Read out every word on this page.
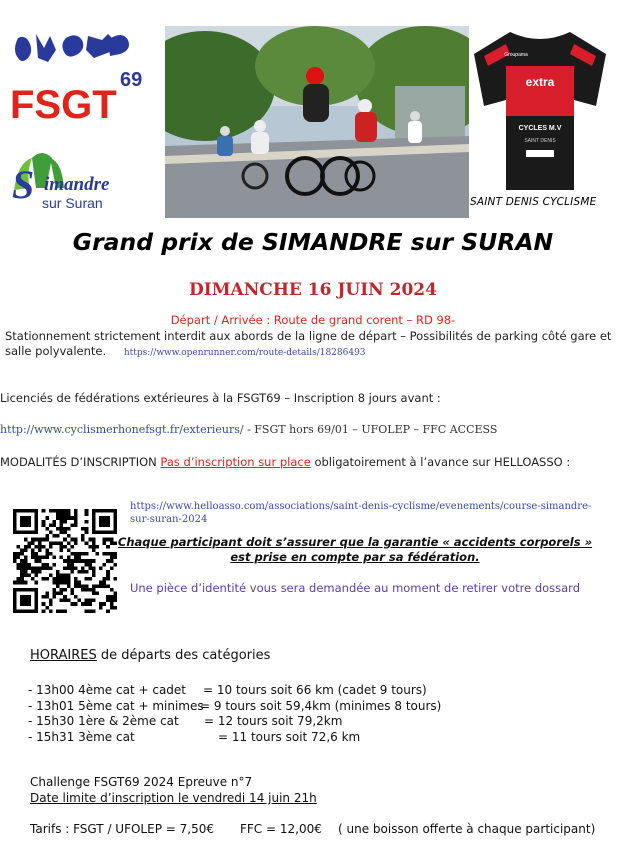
FSGT
69
S imandre
sur Suran
extra
CYCLES M.V
SAINT DENIS
Groupama
SAINT DENIS CYCLISME
Grand prix de SIMANDRE sur SURAN
DIMANCHE 16 JUIN 2024
Départ / Arrivée : Route de grand corent – RD 98-
Stationnement strictement interdit aux abords de la ligne de départ – Possibilités de parking côté gare et salle polyvalente. https://www.openrunner.com/route-details/18286493
Licenciés de fédérations extérieures à la FSGT69 – Inscription 8 jours avant :
http://www.cyclismerhonefsgt.fr/exterieurs/ - FSGT hors 69/01 – UFOLEP – FFC ACCESS
MODALITÉS D’INSCRIPTION Pas d’inscription sur place obligatoirement à l’avance sur HELLOASSO :
https://www.helloasso.com/associations/saint-denis-cyclisme/evenements/course-simandre-sur-suran-2024
Chaque participant doit s’assurer que la garantie « accidents corporels » est prise en compte par sa fédération.
Une pièce d’identité vous sera demandée au moment de retirer votre dossard
HORAIRES de départs des catégories
- 13h00 4ème cat + cadet = 10 tours soit 66 km (cadet 9 tours)
- 13h01 5ème cat + minimes
= 9 tours soit 59,4km (minimes 8 tours)
- 15h30 1ère & 2ème cat = 12 tours soit 79,2km
- 15h31 3ème cat	= 11 tours soit 72,6 km
Challenge FSGT69 2024 Epreuve n°7
Date limite d’inscription le vendredi 14 juin 21h
Tarifs : FSGT / UFOLEP = 7,50€ FFC = 12,00€ ( une boisson offerte à chaque participant)
